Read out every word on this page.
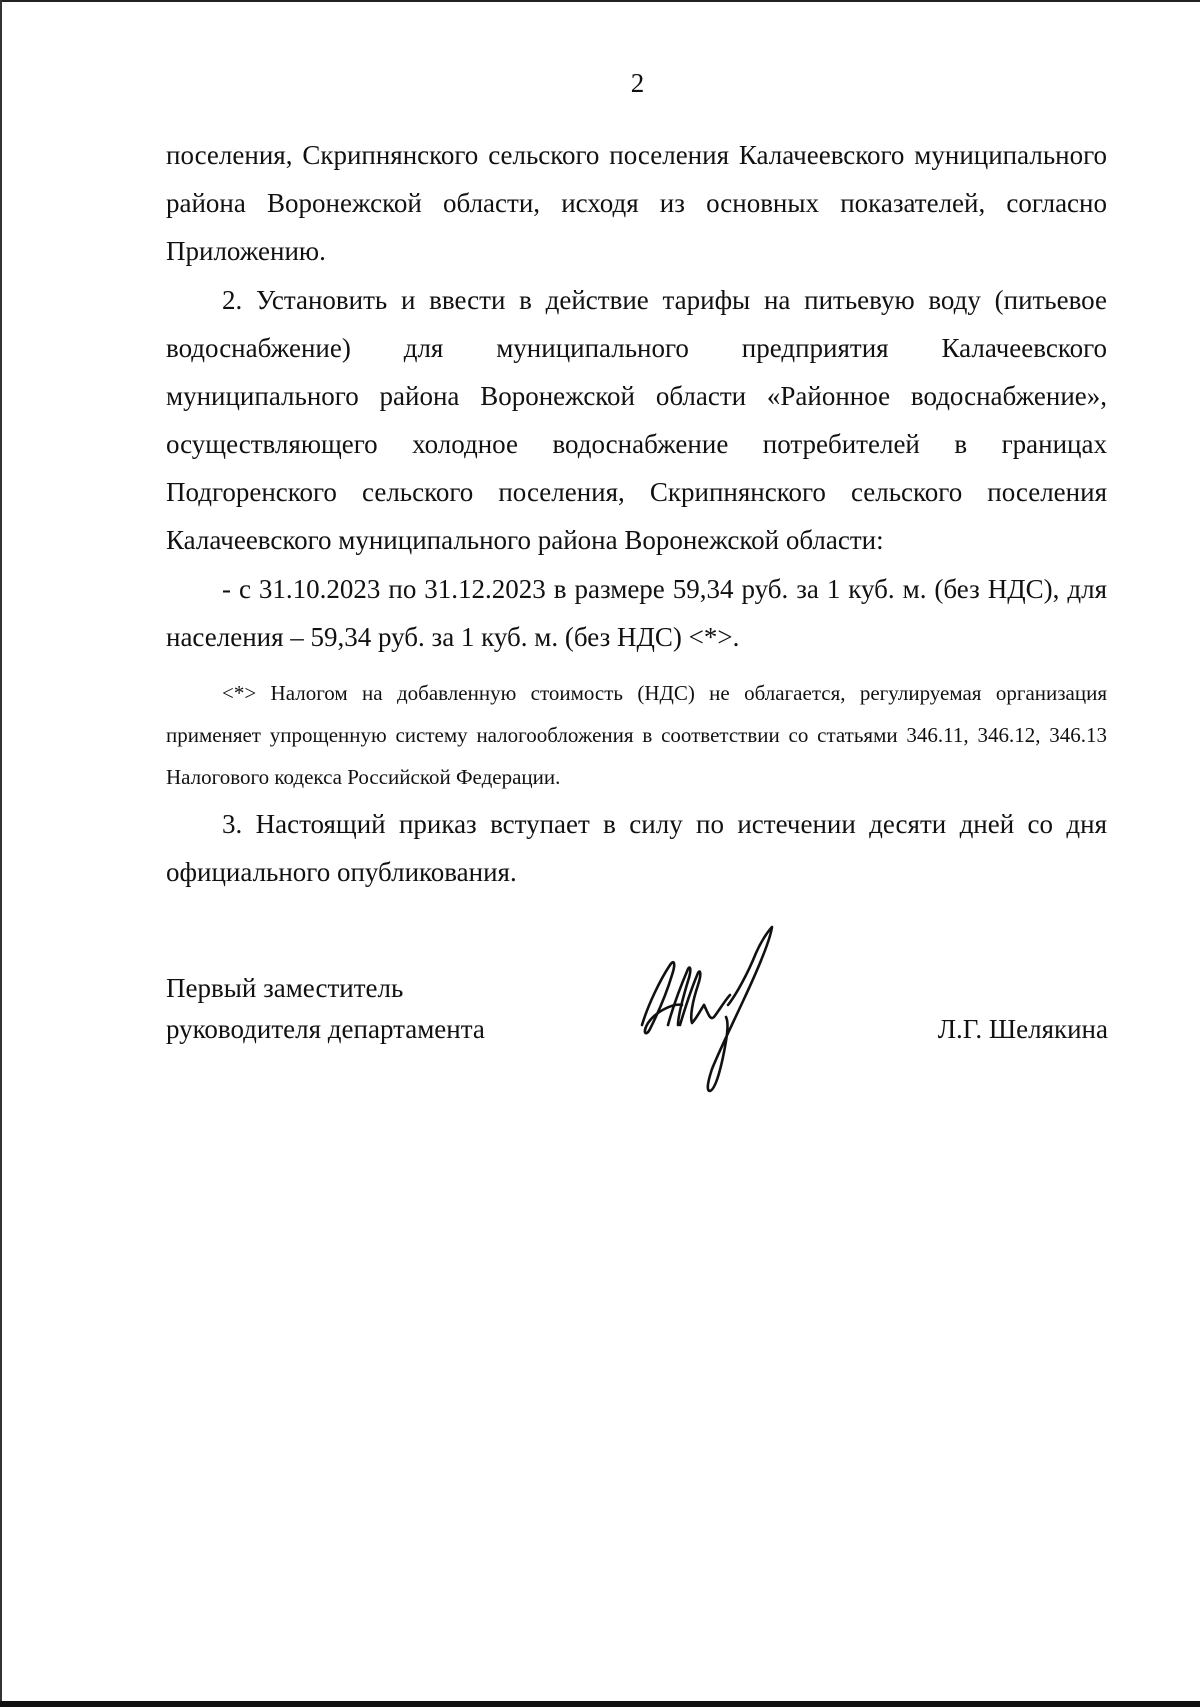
2

поселения, Скрипнянского сельского поселения Калачеевского муниципального района Воронежской области, исходя из основных показателей, согласно Приложению.

2. Установить и ввести в действие тарифы на питьевую воду (питьевое водоснабжение) для муниципального предприятия Калачеевского муниципального района Воронежской области «Районное водоснабжение», осуществляющего холодное водоснабжение потребителей в границах Подгоренского сельского поселения, Скрипнянского сельского поселения Калачеевского муниципального района Воронежской области:

- с 31.10.2023 по 31.12.2023 в размере 59,34 руб. за 1 куб. м. (без НДС), для населения – 59,34 руб. за 1 куб. м. (без НДС) <*>.

<*> Налогом на добавленную стоимость (НДС) не облагается, регулируемая организация применяет упрощенную систему налогообложения в соответствии со статьями 346.11, 346.12, 346.13 Налогового кодекса Российской Федерации.

3. Настоящий приказ вступает в силу по истечении десяти дней со дня официального опубликования.

Первый заместитель
руководителя департамента	Л.Г. Шелякина
